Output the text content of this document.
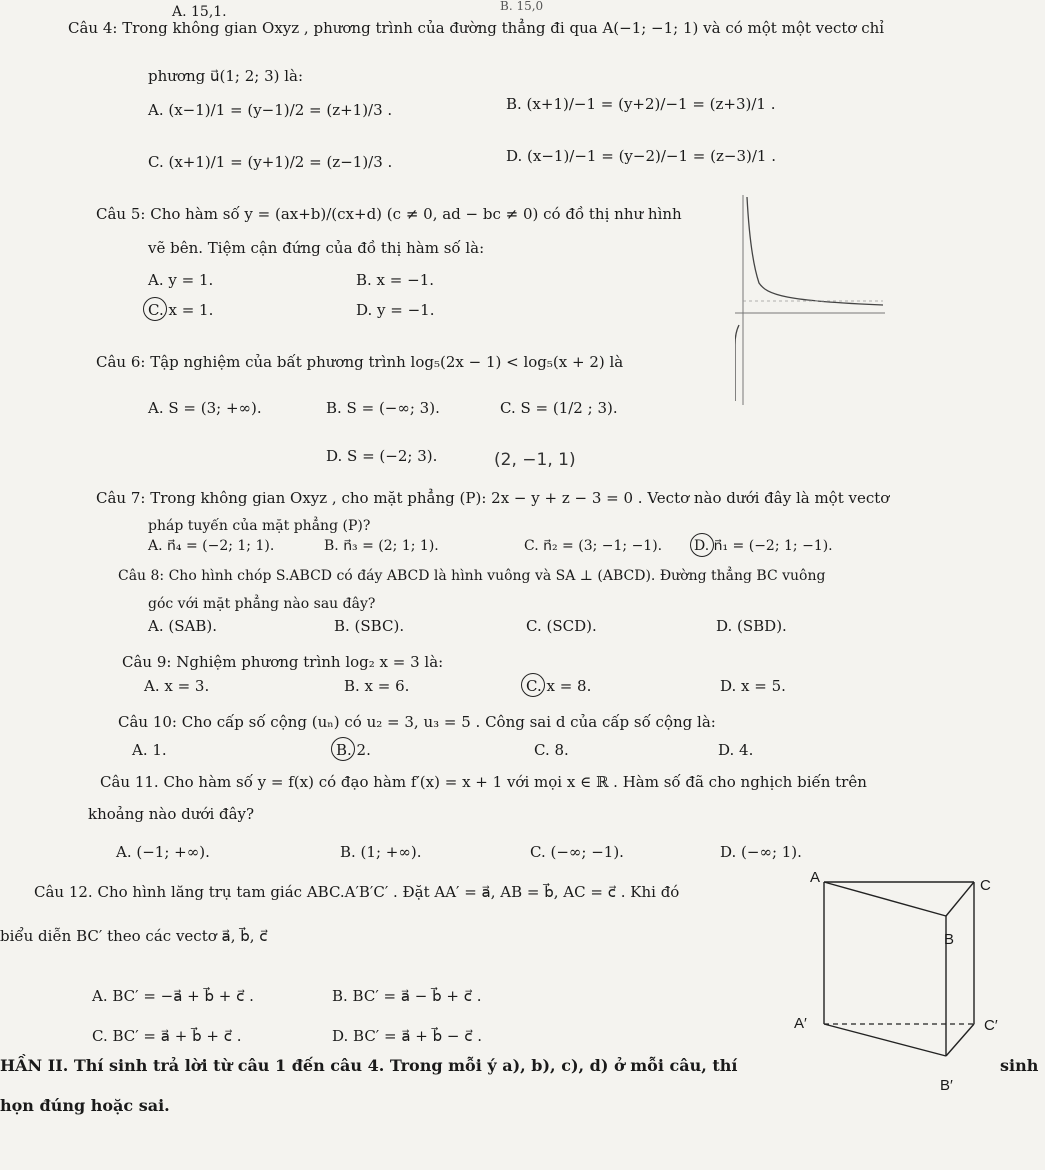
A. 15,1.	B. 15,0
Câu 4: Trong không gian Oxyz , phương trình của đường thẳng đi qua A(−1; −1; 1) và có một một vectơ chỉ
phương u⃗(1; 2; 3) là:
A. (x−1)/1 = (y−1)/2 = (z+1)/3 .	B. (x+1)/−1 = (y+2)/−1 = (z+3)/1 .
C. (x+1)/1 = (y+1)/2 = (z−1)/3 .	D. (x−1)/−1 = (y−2)/−1 = (z−3)/1 .
Câu 5: Cho hàm số y = (ax+b)/(cx+d) (c ≠ 0, ad − bc ≠ 0) có đồ thị như hình
vẽ bên. Tiệm cận đứng của đồ thị hàm số là:
A. y = 1.	B. x = −1.
C. x = 1.	D. y = −1.
Câu 6: Tập nghiệm của bất phương trình log₅(2x − 1) < log₅(x + 2) là
A. S = (3; +∞).	B. S = (−∞; 3).	C. S = (1/2 ; 3).
D. S = (−2; 3).	(2, −1, 1)
Câu 7: Trong không gian Oxyz , cho mặt phẳng (P): 2x − y + z − 3 = 0 . Vectơ nào dưới đây là một vectơ
pháp tuyến của mặt phẳng (P)?
A. n⃗₄ = (−2; 1; 1).	B. n⃗₃ = (2; 1; 1).	C. n⃗₂ = (3; −1; −1). D. n⃗₁ = (−2; 1; −1).
Câu 8: Cho hình chóp S.ABCD có đáy ABCD là hình vuông và SA ⊥ (ABCD). Đường thẳng BC vuông
góc với mặt phẳng nào sau đây?
A. (SAB).	B. (SBC).	C. (SCD).	D. (SBD).
Câu 9: Nghiệm phương trình log₂ x = 3 là:
A. x = 3.	B. x = 6.	C. x = 8.	D. x = 5.
Câu 10: Cho cấp số cộng (uₙ) có u₂ = 3, u₃ = 5 . Công sai d của cấp số cộng là:
A. 1.	B. 2.	C. 8.	D. 4.
Câu 11. Cho hàm số y = f(x) có đạo hàm f′(x) = x + 1 với mọi x ∈ ℝ . Hàm số đã cho nghịch biến trên
khoảng nào dưới đây?
A. (−1; +∞).	B. (1; +∞).	C. (−∞; −1).	D. (−∞; 1).
Câu 12. Cho hình lăng trụ tam giác ABC.A′B′C′ . Đặt AA′ = a⃗, AB = b⃗, AC = c⃗ . Khi đó
biểu diễn BC′ theo các vectơ a⃗, b⃗, c⃗
A. BC′ = −a⃗ + b⃗ + c⃗ .	B. BC′ = a⃗ − b⃗ + c⃗ .
C. BC′ = a⃗ + b⃗ + c⃗ .	D. BC′ = a⃗ + b⃗ − c⃗ .
A	C
B
A′	C′
B′
HẦN II. Thí sinh trả lời từ câu 1 đến câu 4. Trong mỗi ý a), b), c), d) ở mỗi câu, thí	sinh
họn đúng hoặc sai.
